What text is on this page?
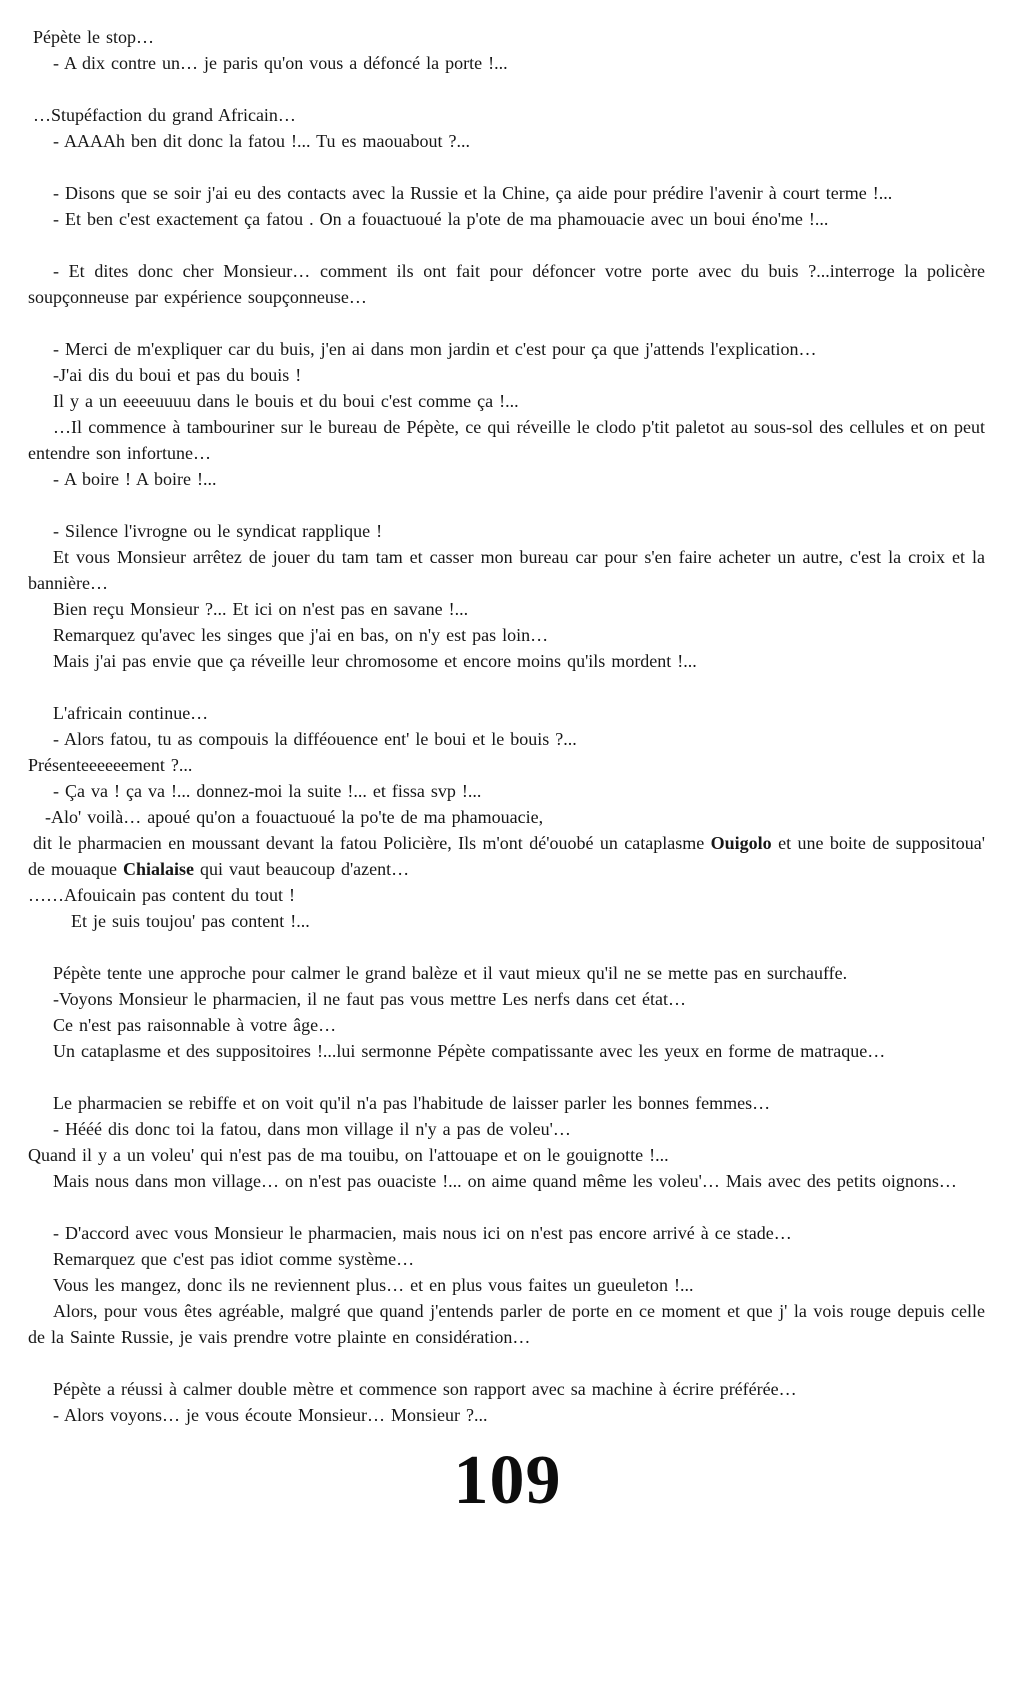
Pépète le stop…

- A dix contre un… je paris qu'on vous a défoncé la porte !...

…Stupéfaction du grand Africain…

- AAAAh ben dit donc la fatou !... Tu es maouabout ?...

- Disons que se soir j'ai eu des contacts avec la Russie et la Chine, ça aide pour prédire l'avenir à court terme !...

- Et ben c'est exactement ça fatou . On a fouactuoué la p'ote de ma phamouacie avec un boui éno'me !...

- Et dites donc cher Monsieur… comment ils ont fait pour défoncer votre porte avec du buis ?...interroge la policère soupçonneuse par expérience soupçonneuse…

- Merci de m'expliquer car du buis, j'en ai dans mon jardin et c'est pour ça que j'attends l'explication…

-J'ai dis du boui et pas du bouis !

Il y a un eeeeuuuu dans le bouis et du boui c'est comme ça !...

…Il commence à tambouriner sur le bureau de Pépète, ce qui réveille le clodo p'tit paletot au sous-sol des cellules et on peut entendre son infortune…

- A boire ! A boire !...

- Silence l'ivrogne ou le syndicat rapplique !

Et vous Monsieur arrêtez de jouer du tam tam et casser mon bureau car pour s'en faire acheter un autre, c'est la croix et la bannière…

Bien reçu Monsieur ?... Et ici on n'est pas en savane !...

Remarquez qu'avec les singes que j'ai en bas, on n'y est pas loin…

Mais j'ai pas envie que ça réveille leur chromosome et encore moins qu'ils mordent !...

L'africain continue…

- Alors fatou, tu as compouis la difféouence ent' le boui et le bouis ?...

Présenteeeeeement ?...

- Ça va ! ça va !... donnez-moi la suite !... et fissa svp !...

-Alo' voilà… apoué qu'on a fouactuoué la po'te de ma phamouacie,

dit le pharmacien en moussant devant la fatou Policière, Ils m'ont dé'ouobé un cataplasme Ouigolo et une boite de suppositoua' de mouaque Chialaise qui vaut beaucoup d'azent…

……Afouicain pas content du tout !

Et je suis toujou' pas content !...

Pépète tente une approche pour calmer le grand balèze et il vaut mieux qu'il ne se mette pas en surchauffe.

-Voyons Monsieur le pharmacien, il ne faut pas vous mettre Les nerfs dans cet état…

Ce n'est pas raisonnable à votre âge…

Un cataplasme et des suppositoires !...lui sermonne Pépète compatissante avec les yeux en forme de matraque…

Le pharmacien se rebiffe et on voit qu'il n'a pas l'habitude de laisser parler les bonnes femmes…

- Hééé dis donc toi la fatou, dans mon village il n'y a pas de voleu'…

Quand il y a un voleu' qui n'est pas de ma touibu, on l'attouape et on le gouignotte !...

Mais nous dans mon village… on n'est pas ouaciste !... on aime quand même les voleu'… Mais avec des petits oignons…

- D'accord avec vous Monsieur le pharmacien, mais nous ici on n'est pas encore arrivé à ce stade…

Remarquez que c'est pas idiot comme système…

Vous les mangez, donc ils ne reviennent plus… et en plus vous faites un gueuleton !...

Alors, pour vous êtes agréable, malgré que quand j'entends parler de porte en ce moment et que j' la vois rouge depuis celle de la Sainte Russie, je vais prendre votre plainte en considération…

Pépète a réussi à calmer double mètre et commence son rapport avec sa machine à écrire préférée…

- Alors voyons… je vous écoute Monsieur… Monsieur ?...

109
